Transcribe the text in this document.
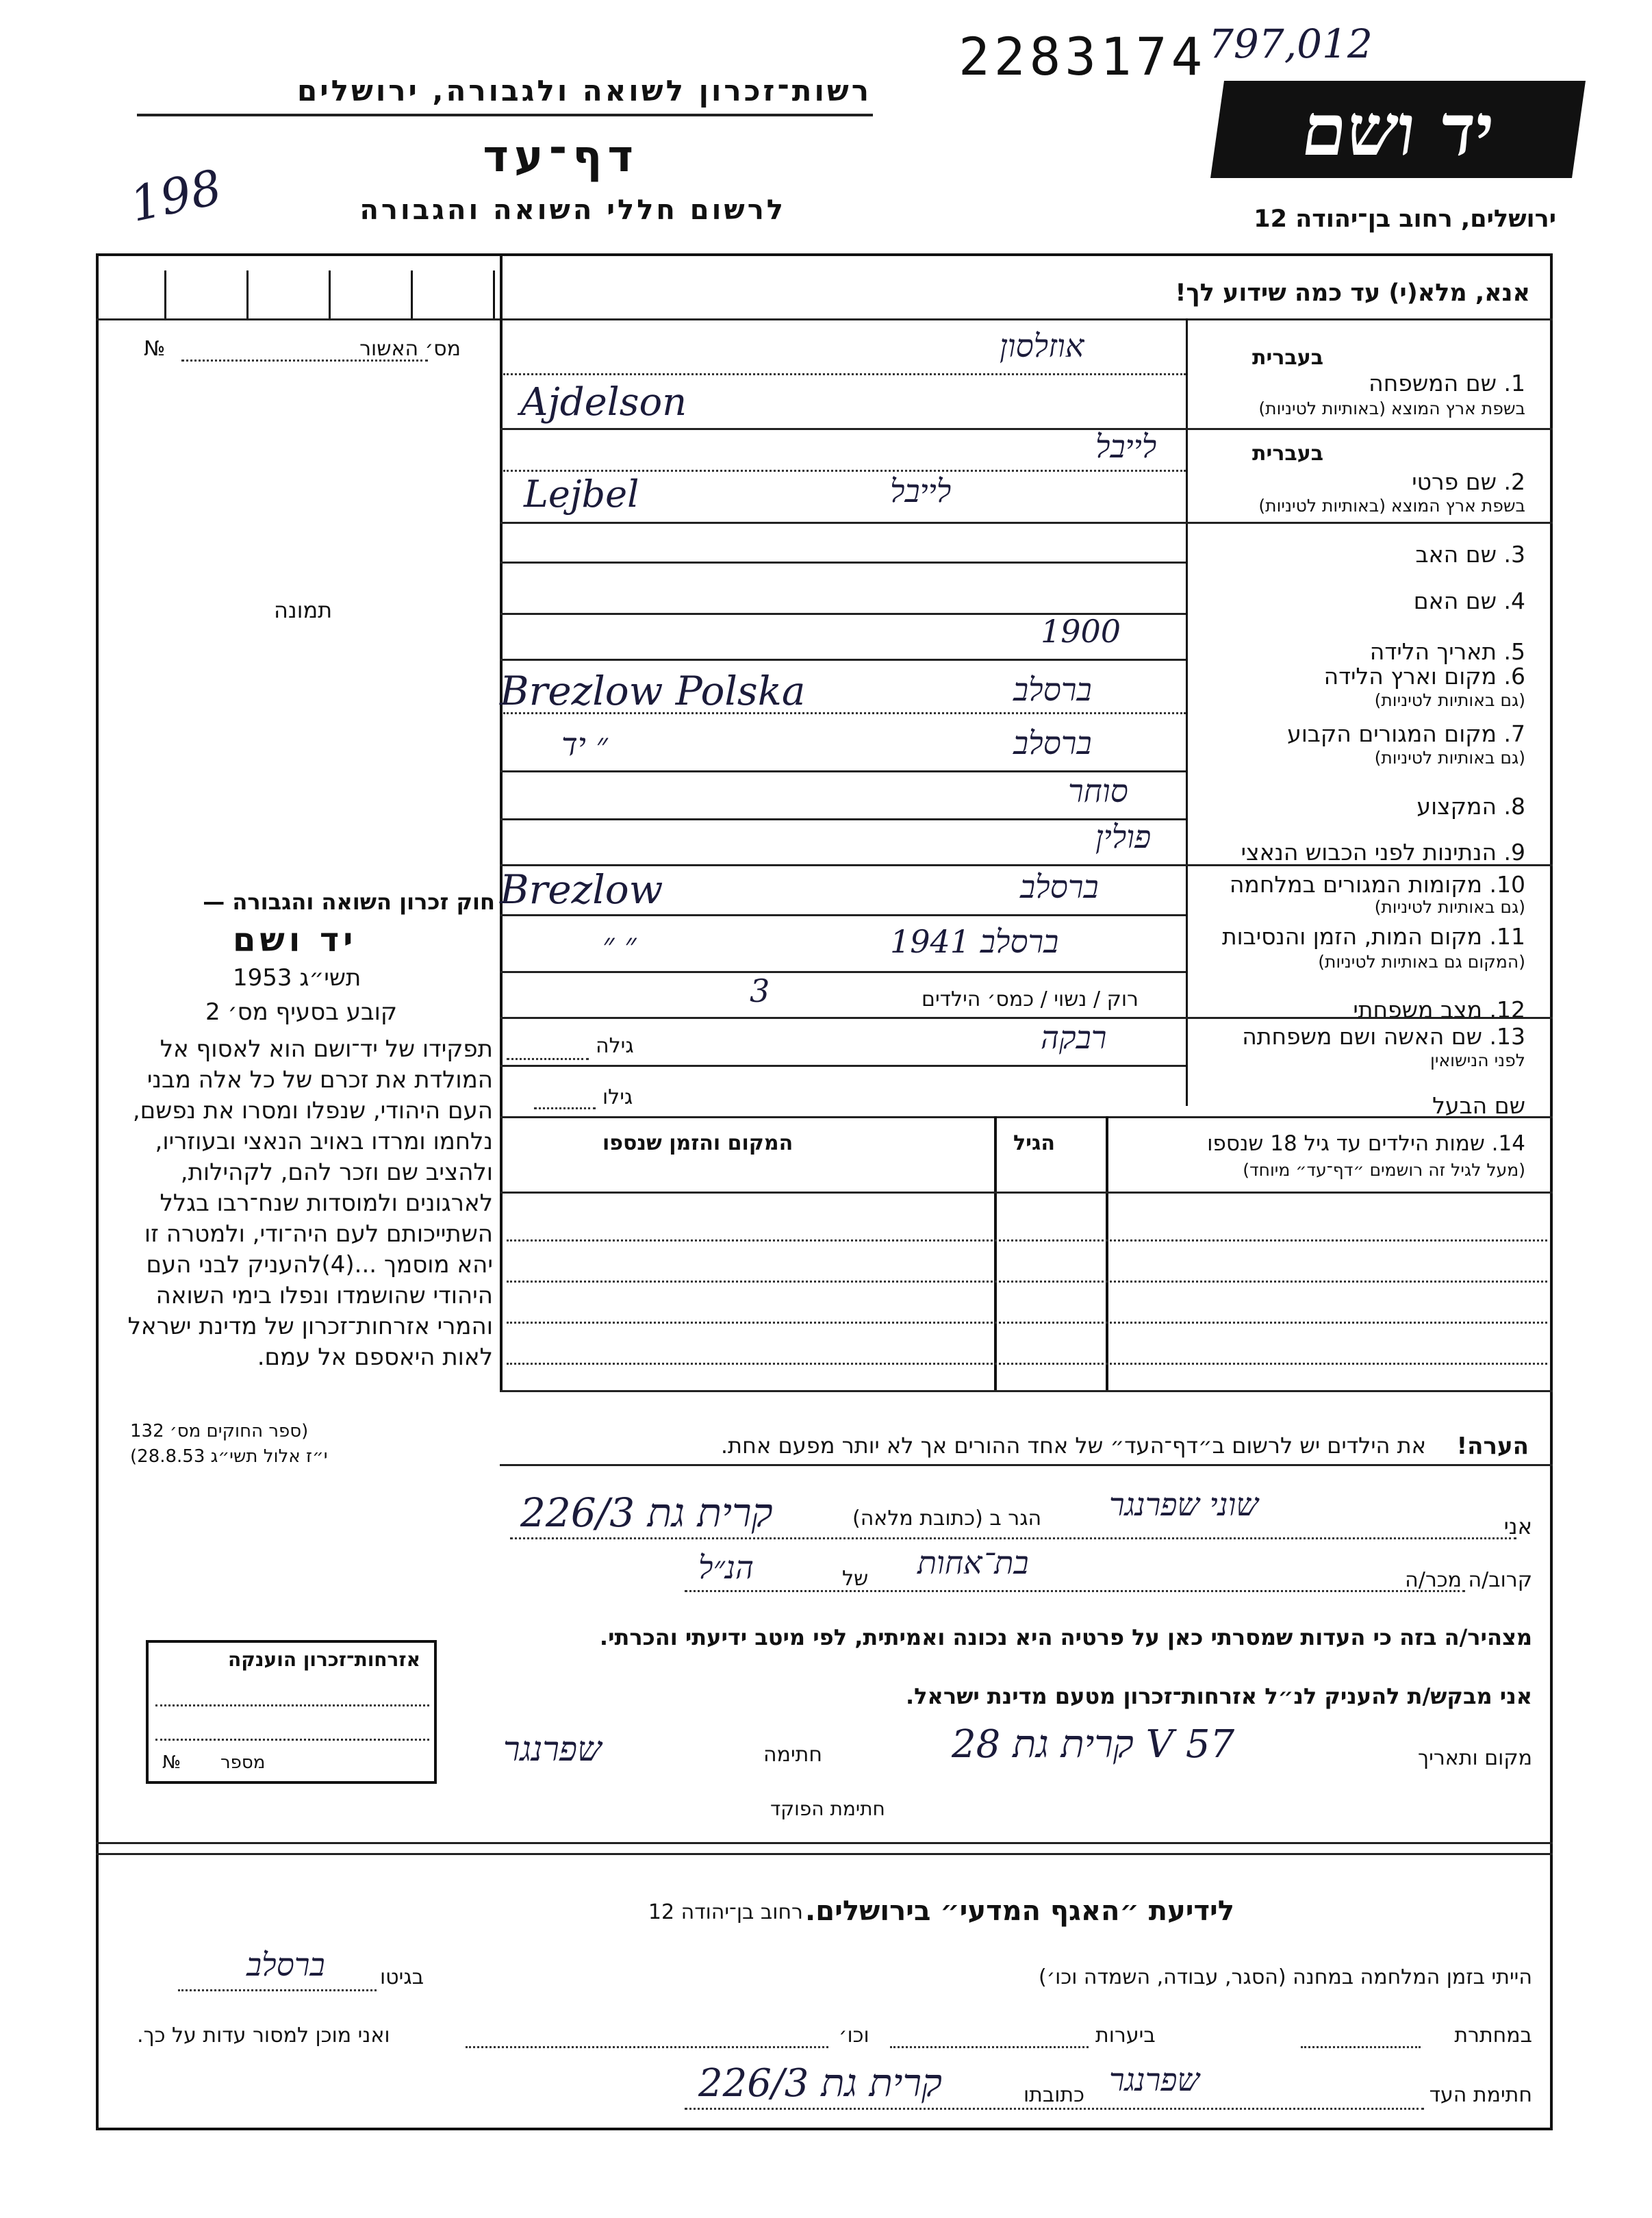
2283174 797,012
יד ושם
רשות־זכרון לשואה ולגבורה, ירושלים
דף־עד
198	לרשום חללי השואה והגבורה	ירושלים, רחוב בן־יהודה 12
אנא, מלא(י) עד כמה שידוע לך!
מס׳ האשור
№
תמונה
בעברית
1. שם המשפחה
בשפת ארץ המוצא (באותיות לטיניות)
אוזלסון
Ajdelson
בעברית
2. שם פרטי
בשפת ארץ המוצא (באותיות לטיניות)
לייבל
Lejbel	לייבל
3. שם האב
4. שם האם
5. תאריך הלידה
1900
6. מקום וארץ הלידה
(גם באותיות לטיניות)
ברסלב
Brezlow Polska
7. מקום המגורים הקבוע
(גם באותיות לטיניות)
ברסלב
״ יד
8. המקצוע
סוחר
9. הנתינות לפני הכבוש הנאצי
פולין
10. מקומות המגורים במלחמה
(גם באותיות לטיניות)
ברסלב
Brezlow
11. מקום המות, הזמן והנסיבות
(המקום גם באותיות לטיניות)
ברסלב 1941
״ ״
12. מצב משפחתי
רוק / נשוי / כמס׳ הילדים
3
13. שם האשה ושם משפחתה
לפני הנישואין
רבקה
גילה
שם הבעל
גילו
14. שמות הילדים עד גיל 18 שנספו
(מעל לגיל זה רושמים ״דף־עד״ מיוחד)
הגיל
המקום והזמן שנספו
חוק זכרון השואה והגבורה —
יד ושם
תשי״ג 1953
קובע בסעיף מס׳ 2
תפקידו של יד־ושם הוא לאסוף אל המולדת את זכרם של כל אלה מבני העם היהודי, שנפלו ומסרו את נפשם, נלחמו ומרדו באויב הנאצי ובעוזריו, ולהציב שם וזכר להם, לקהילות, לארגונים ולמוסדות שנח־רבו בגלל השתייכותם לעם היה־ודי, ולמטרה זו יהא מוסמך ...(4)להעניק לבני העם היהודי שהושמדו ונפלו בימי השואה והמרי אזרחות־זכרון של מדינת ישראל לאות היאספם אל עמם.
(ספר החוקים מס׳ 132
י״ז אלול תשי״ג 28.8.53)	הערה!
את הילדים יש לרשום ב״דף־העד״ של אחד ההורים אך לא יותר מפעם אחת.
אני
שוני שפרנגר
הגר ב (כתובת מלאה)
קרית גת 226/3
קרוב/ה מכר/ה
בת־אחות
של
הנ״ל
מצהיר/ה בזה כי העדות שמסרתי כאן על פרטיה היא נכונה ואמיתית, לפי מיטב ידיעתי והכרתי.
אני מבקש/ת להעניק לנ״ל אזרחות־זכרון מטעם מדינת ישראל.
מקום ותאריך
קרית גת 28 V 57
חתימה
שפרנגר
חתימת הפוקד
אזרחות־זכרון הוענקה
מספר
№
לידיעת ״האגף המדעי״ בירושלים.
רחוב בן־יהודה 12
הייתי בזמן המלחמה במחנה (הסגר, עבודה, השמדה וכו׳)
בגיטו
ברסלב
במחתרת
ביערות
וכו׳
ואני מוכן למסור עדות על כך.
חתימת העד
שפרנגר
כתובתו
קרית גת 226/3
